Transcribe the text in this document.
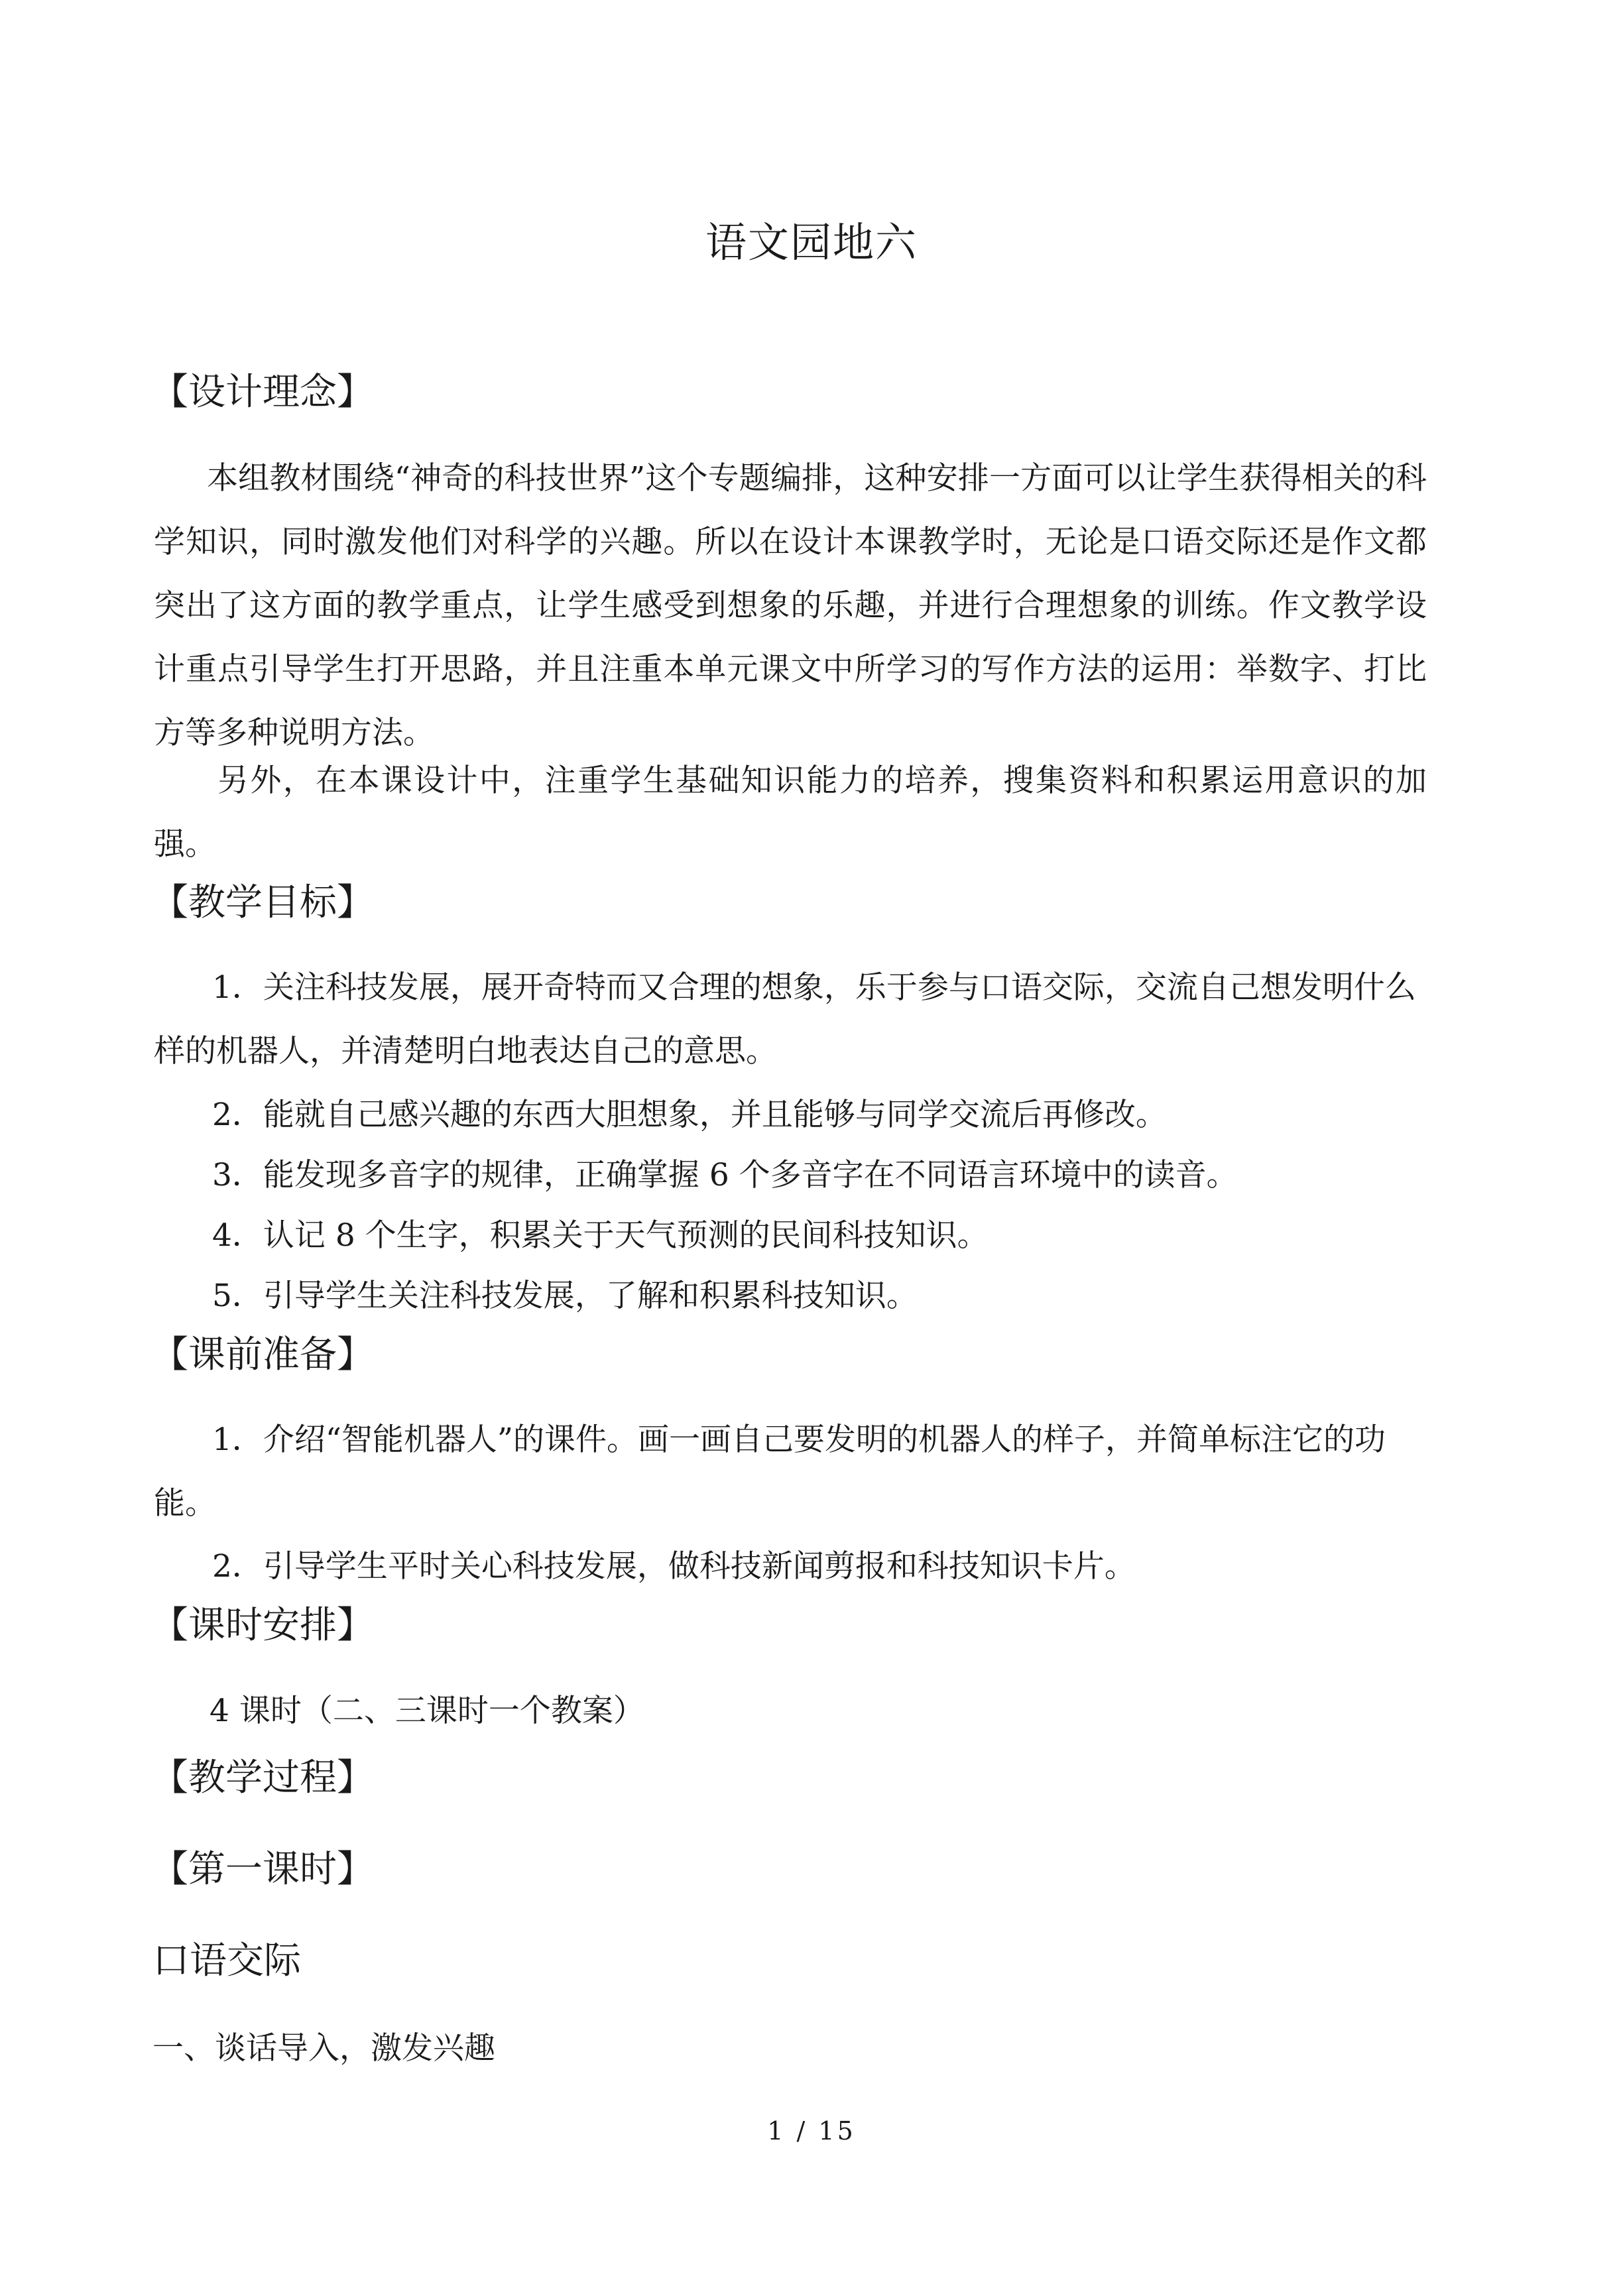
语文园地六
【设计理念】
本组教材围绕“神奇的科技世界”这个专题编排，这种安排一方面可以让学生获得相关的科学知识，同时激发他们对科学的兴趣。所以在设计本课教学时，无论是口语交际还是作文都突出了这方面的教学重点，让学生感受到想象的乐趣，并进行合理想象的训练。作文教学设计重点引导学生打开思路，并且注重本单元课文中所学习的写作方法的运用：举数字、打比方等多种说明方法。
另外，在本课设计中，注重学生基础知识能力的培养，搜集资料和积累运用意识的加强。
【教学目标】
1．关注科技发展，展开奇特而又合理的想象，乐于参与口语交际，交流自己想发明什么样的机器人，并清楚明白地表达自己的意思。
2．能就自己感兴趣的东西大胆想象，并且能够与同学交流后再修改。
3．能发现多音字的规律，正确掌握 6 个多音字在不同语言环境中的读音。
4．认记 8 个生字，积累关于天气预测的民间科技知识。
5．引导学生关注科技发展，了解和积累科技知识。
【课前准备】
1．介绍“智能机器人”的课件。画一画自己要发明的机器人的样子，并简单标注它的功能。
2．引导学生平时关心科技发展，做科技新闻剪报和科技知识卡片。
【课时安排】
4 课时（二、三课时一个教案）
【教学过程】
【第一课时】
口语交际
一、谈话导入，激发兴趣
1 / 15
